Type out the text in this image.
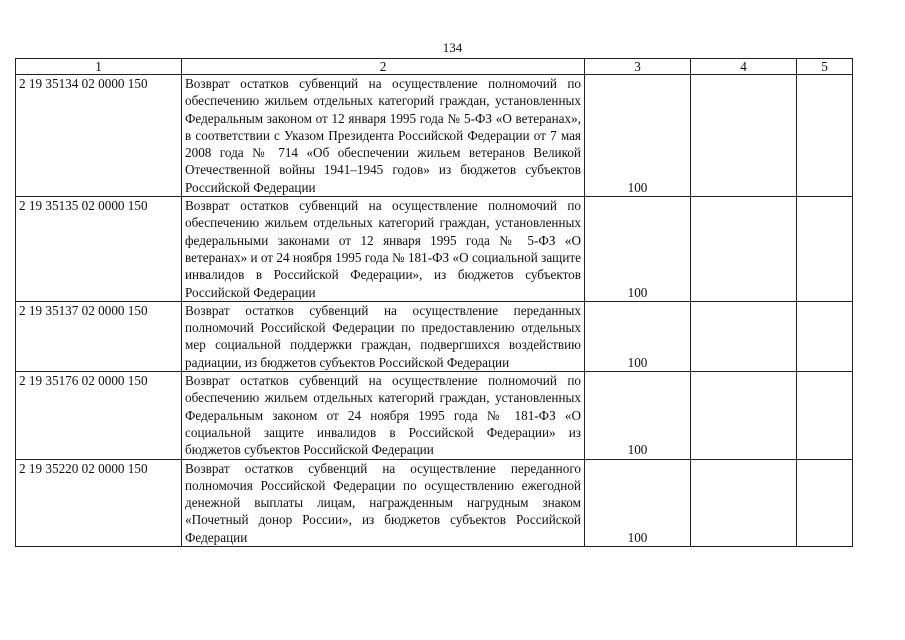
134
1	2	3	4	5
2 19 35134 02 0000 150	Возврат остатков субвенций на осуществление полномочий по обеспечению жильем отдельных категорий граждан, установленных Федеральным законом от 12 января 1995 года № 5-ФЗ «О ветеранах», в соответствии с Указом Президента Российской Федерации от 7 мая 2008 года № 714 «Об обеспечении жильем ветеранов Великой Отечественной войны 1941–1945 годов» из бюджетов субъектов Российской Федерации	100		
2 19 35135 02 0000 150	Возврат остатков субвенций на осуществление полномочий по обеспечению жильем отдельных категорий граждан, установленных федеральными законами от 12 января 1995 года № 5-ФЗ «О ветеранах» и от 24 ноября 1995 года № 181-ФЗ «О социальной защите инвалидов в Российской Федерации», из бюджетов субъектов Российской Федерации	100		
2 19 35137 02 0000 150	Возврат остатков субвенций на осуществление переданных полномочий Российской Федерации по предоставлению отдельных мер социальной поддержки граждан, подвергшихся воздействию радиации, из бюджетов субъектов Российской Федерации	100		
2 19 35176 02 0000 150	Возврат остатков субвенций на осуществление полномочий по обеспечению жильем отдельных категорий граждан, установленных Федеральным законом от 24 ноября 1995 года № 181-ФЗ «О социальной защите инвалидов в Российской Федерации» из бюджетов субъектов Российской Федерации	100		
2 19 35220 02 0000 150	Возврат остатков субвенций на осуществление переданного полномочия Российской Федерации по осуществлению ежегодной денежной выплаты лицам, награжденным нагрудным знаком «Почетный донор России», из бюджетов субъектов Российской Федерации	100		
